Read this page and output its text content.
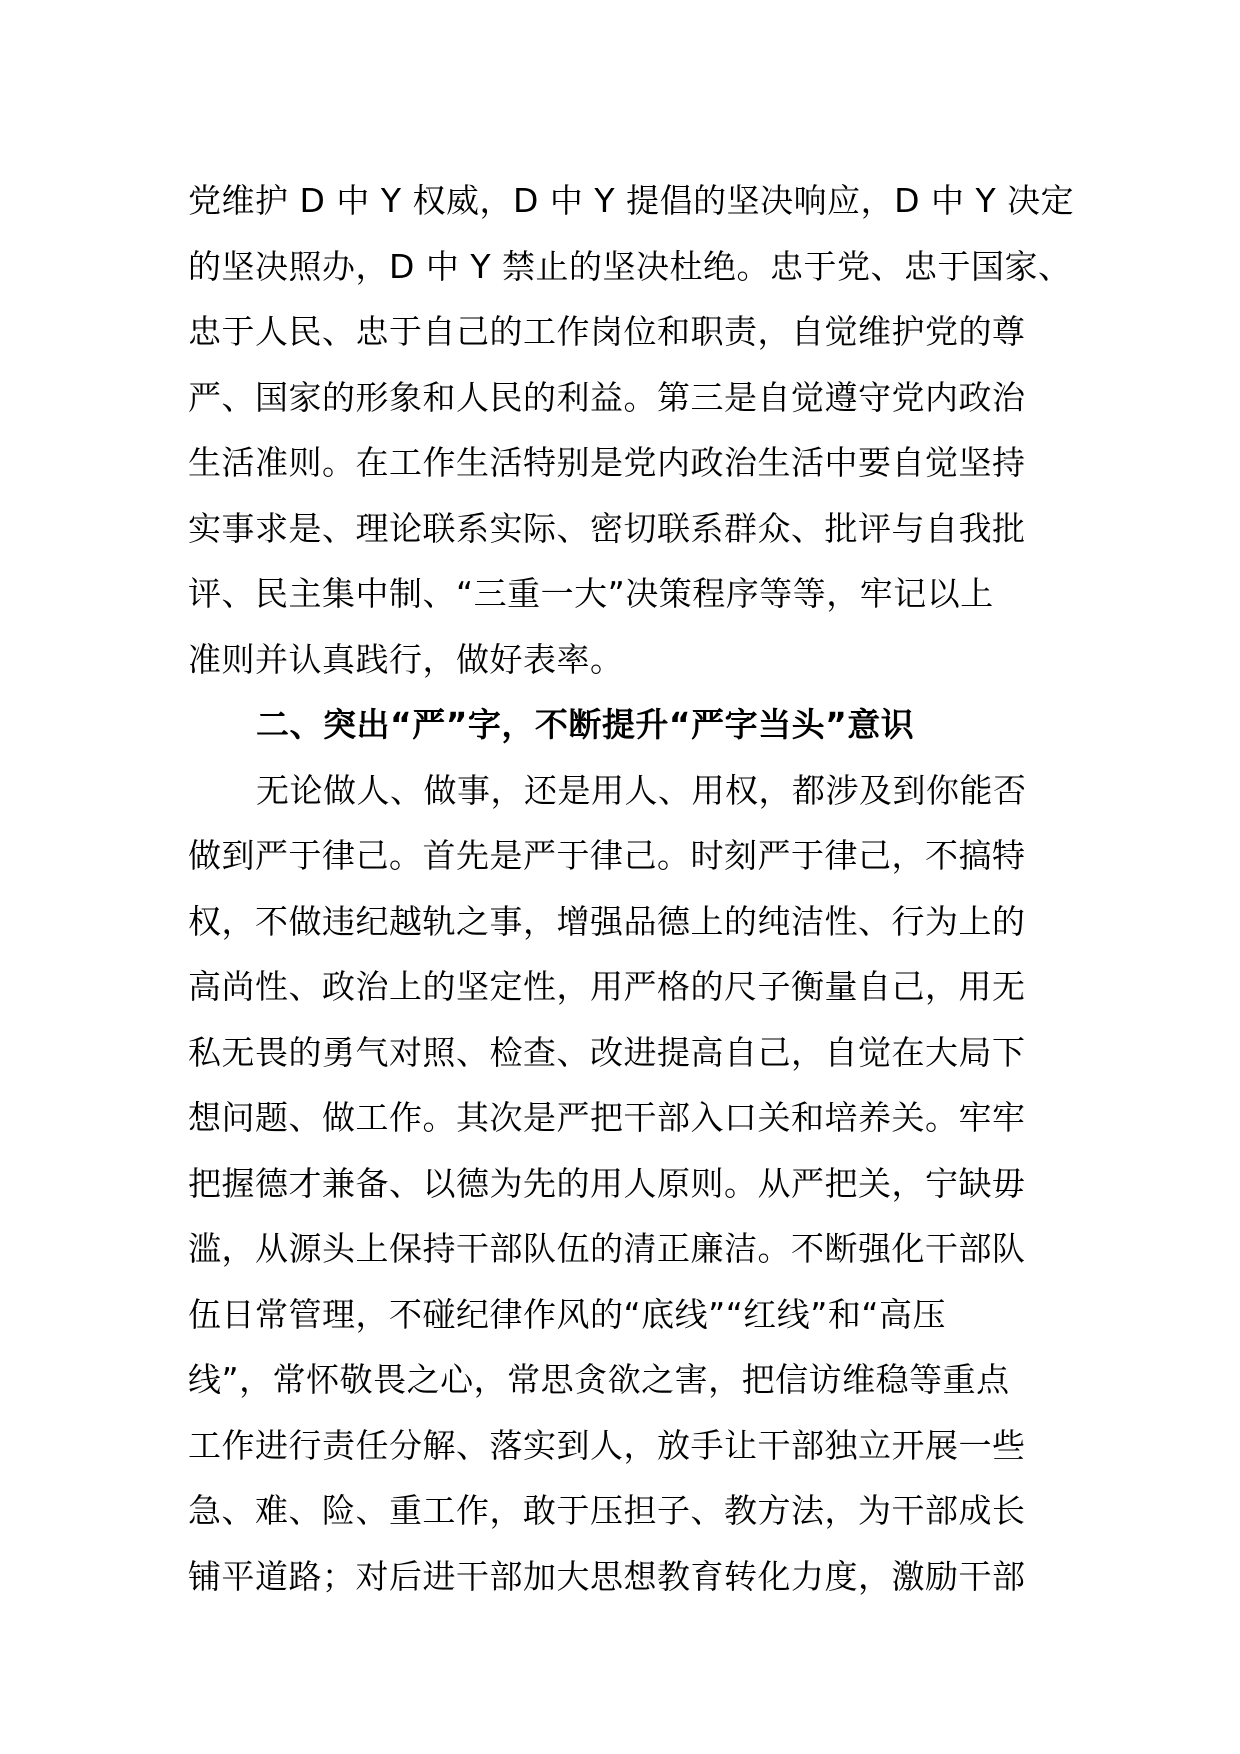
党维护 D 中 Y 权威，D 中 Y 提倡的坚决响应，D 中 Y 决定
的坚决照办，D 中 Y 禁止的坚决杜绝。忠于党、忠于国家、
忠于人民、忠于自己的工作岗位和职责，自觉维护党的尊
严、国家的形象和人民的利益。第三是自觉遵守党内政治
生活准则。在工作生活特别是党内政治生活中要自觉坚持
实事求是、理论联系实际、密切联系群众、批评与自我批
评、民主集中制、“三重一大”决策程序等等，牢记以上
准则并认真践行，做好表率。
二、突出“严”字，不断提升“严字当头”意识
无论做人、做事，还是用人、用权，都涉及到你能否
做到严于律己。首先是严于律己。时刻严于律己，不搞特
权，不做违纪越轨之事，增强品德上的纯洁性、行为上的
高尚性、政治上的坚定性，用严格的尺子衡量自己，用无
私无畏的勇气对照、检查、改进提高自己，自觉在大局下
想问题、做工作。其次是严把干部入口关和培养关。牢牢
把握德才兼备、以德为先的用人原则。从严把关，宁缺毋
滥，从源头上保持干部队伍的清正廉洁。不断强化干部队
伍日常管理，不碰纪律作风的“底线”“红线”和“高压
线”，常怀敬畏之心，常思贪欲之害，把信访维稳等重点
工作进行责任分解、落实到人，放手让干部独立开展一些
急、难、险、重工作，敢于压担子、教方法，为干部成长
铺平道路；对后进干部加大思想教育转化力度，激励干部
